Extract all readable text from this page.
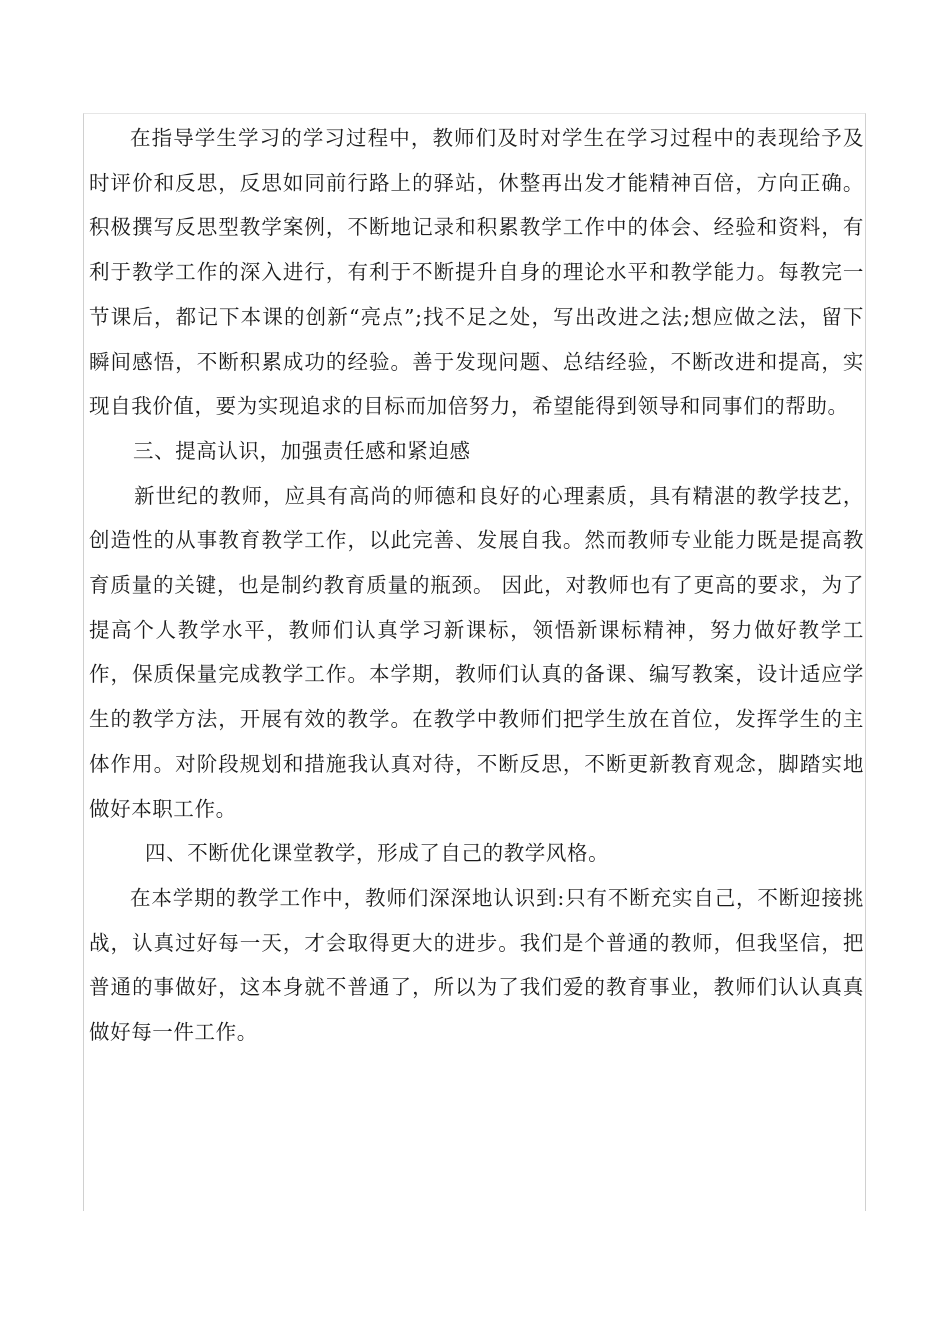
在指导学生学习的学习过程中，教师们及时对学生在学习过程中的表现给予及时评价和反思，反思如同前行路上的驿站，休整再出发才能精神百倍，方向正确。积极撰写反思型教学案例，不断地记录和积累教学工作中的体会、经验和资料，有利于教学工作的深入进行，有利于不断提升自身的理论水平和教学能力。每教完一节课后，都记下本课的创新“亮点”;找不足之处，写出改进之法;想应做之法，留下瞬间感悟，不断积累成功的经验。善于发现问题、总结经验，不断改进和提高，实现自我价值，要为实现追求的目标而加倍努力，希望能得到领导和同事们的帮助。

三、提高认识，加强责任感和紧迫感

新世纪的教师，应具有高尚的师德和良好的心理素质，具有精湛的教学技艺，创造性的从事教育教学工作，以此完善、发展自我。然而教师专业能力既是提高教育质量的关键，也是制约教育质量的瓶颈。 因此，对教师也有了更高的要求，为了提高个人教学水平，教师们认真学习新课标，领悟新课标精神，努力做好教学工作，保质保量完成教学工作。本学期，教师们认真的备课、编写教案，设计适应学生的教学方法，开展有效的教学。在教学中教师们把学生放在首位，发挥学生的主体作用。对阶段规划和措施我认真对待，不断反思，不断更新教育观念，脚踏实地做好本职工作。

四、不断优化课堂教学，形成了自己的教学风格。

在本学期的教学工作中，教师们深深地认识到:只有不断充实自己，不断迎接挑战，认真过好每一天，才会取得更大的进步。我们是个普通的教师，但我坚信，把普通的事做好，这本身就不普通了，所以为了我们爱的教育事业，教师们认认真真做好每一件工作。
